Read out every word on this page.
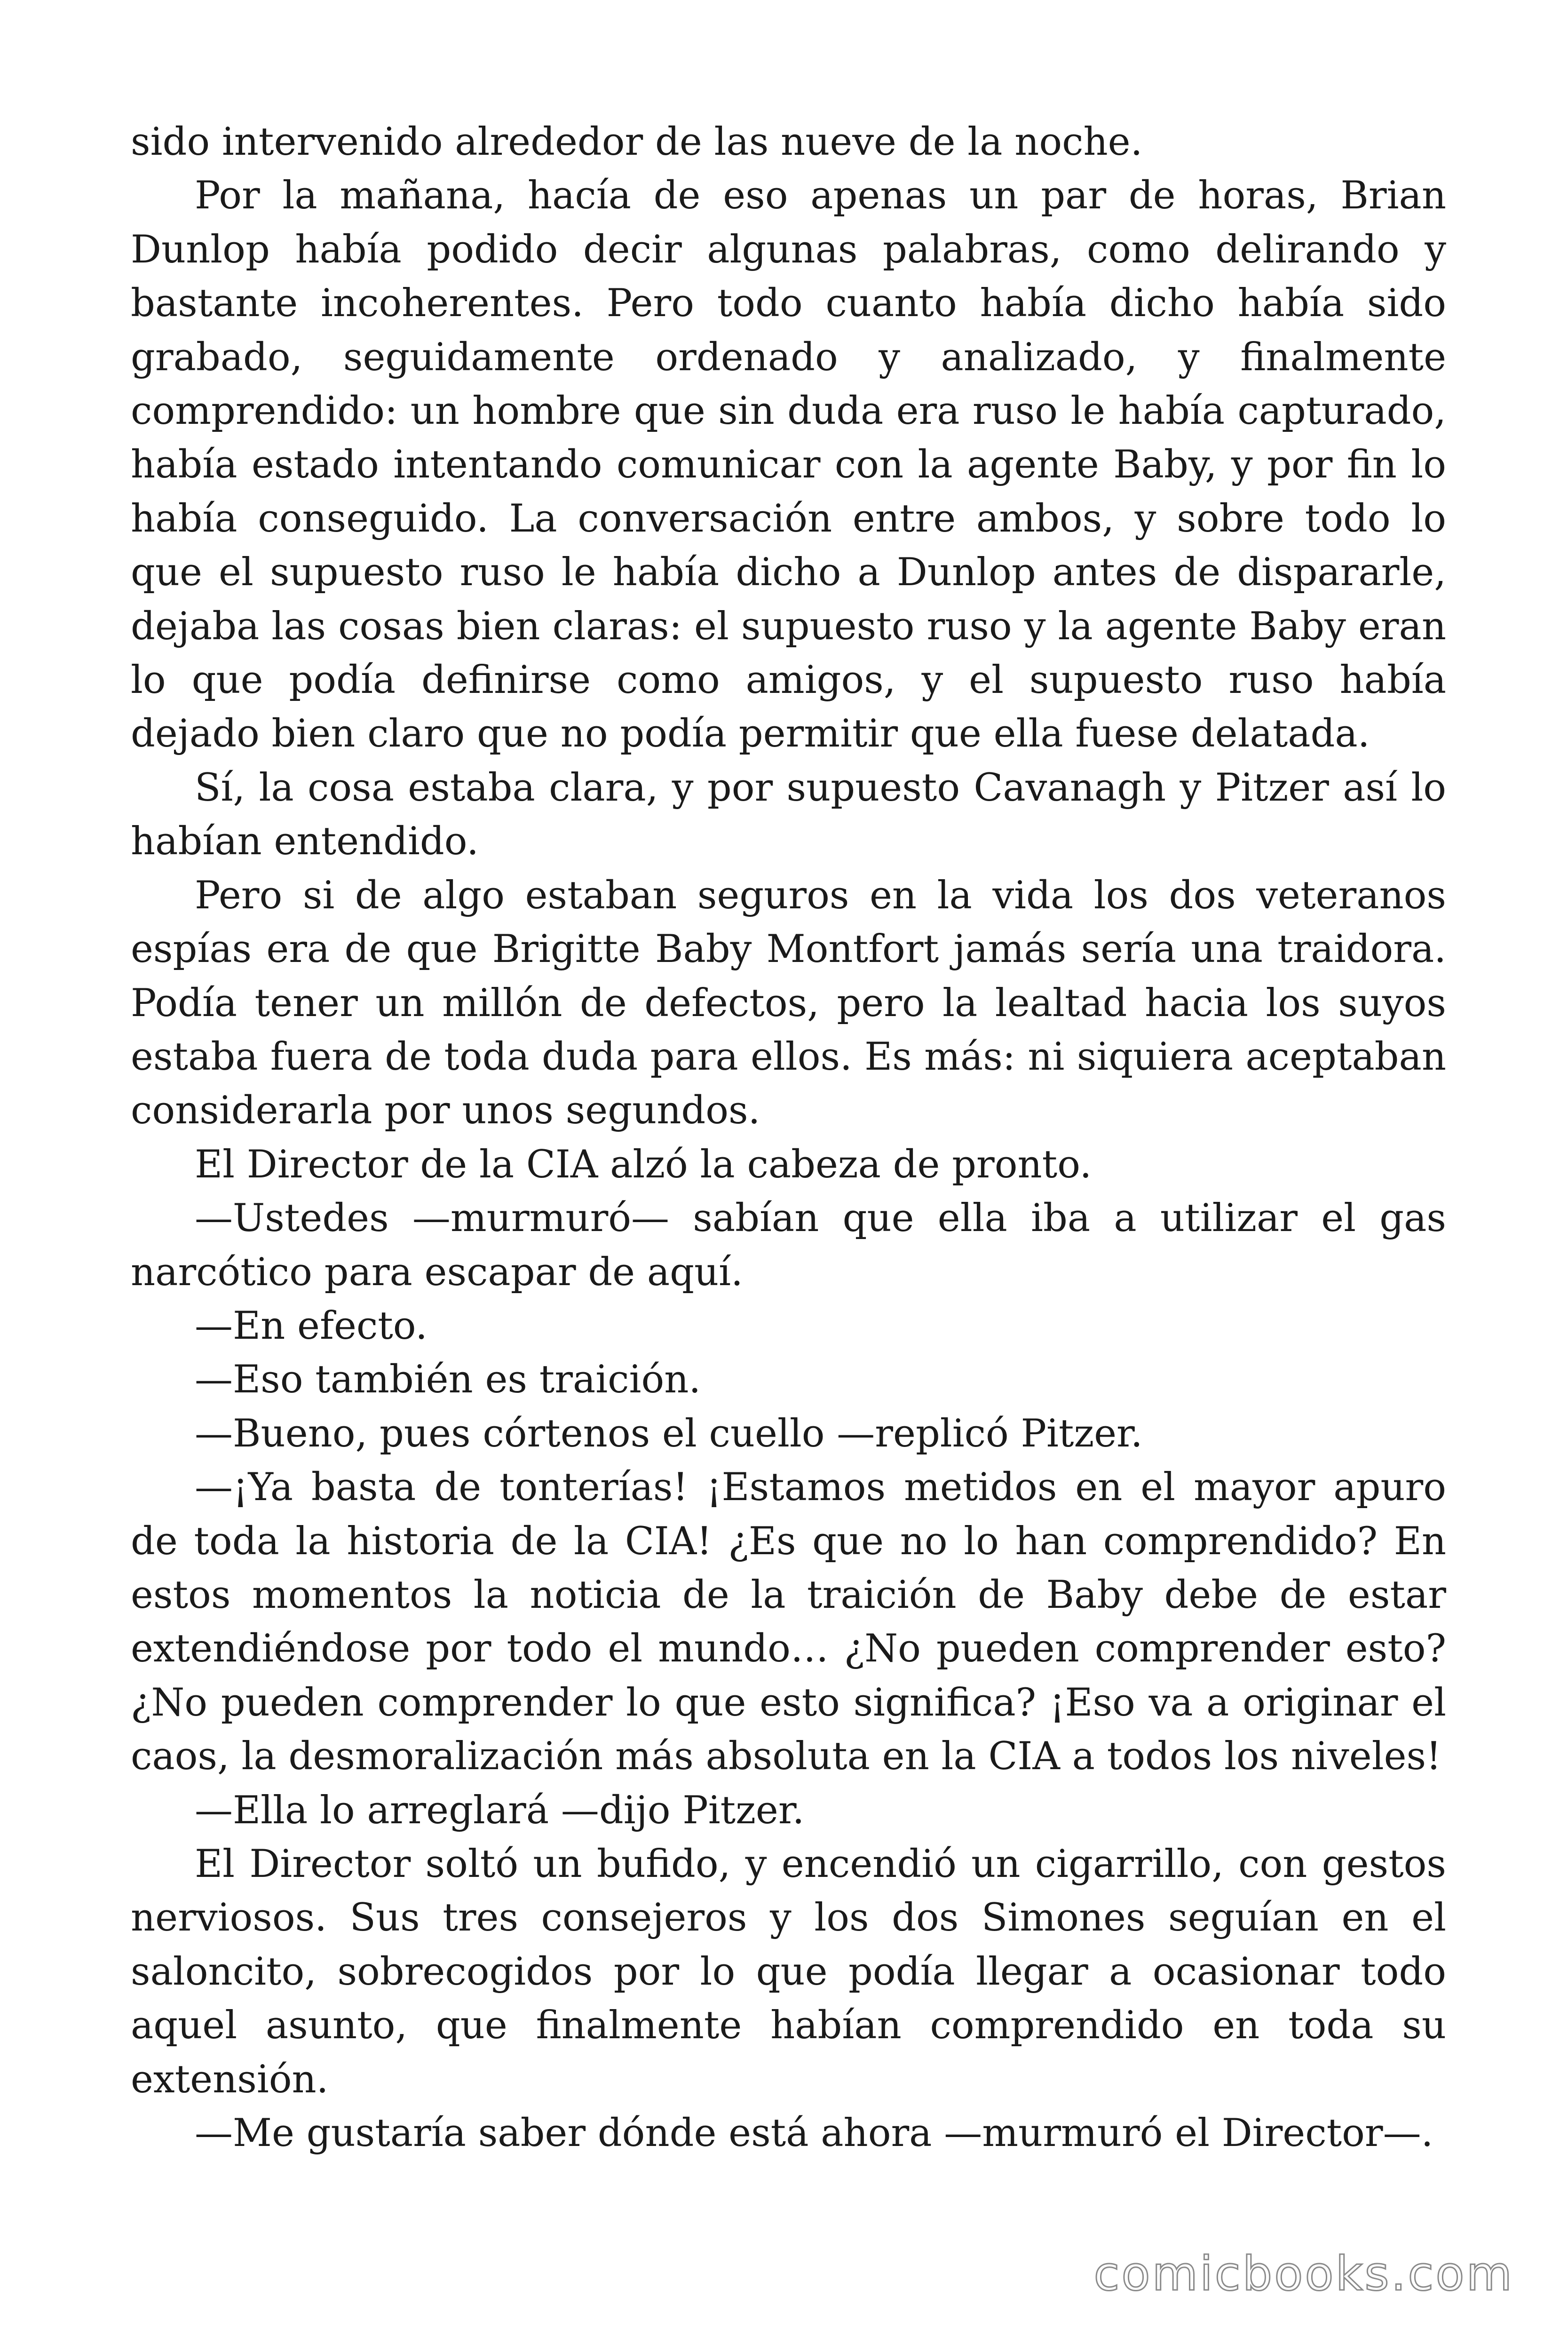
sido intervenido alrededor de las nueve de la noche.

Por la mañana, hacía de eso apenas un par de horas, Brian Dunlop había podido decir algunas palabras, como delirando y bastante incoherentes. Pero todo cuanto había dicho había sido grabado, seguidamente ordenado y analizado, y finalmente comprendido: un hombre que sin duda era ruso le había capturado, había estado intentando comunicar con la agente Baby, y por fin lo había conseguido. La conversación entre ambos, y sobre todo lo que el supuesto ruso le había dicho a Dunlop antes de dispararle, dejaba las cosas bien claras: el supuesto ruso y la agente Baby eran lo que podía definirse como amigos, y el supuesto ruso había dejado bien claro que no podía permitir que ella fuese delatada.

Sí, la cosa estaba clara, y por supuesto Cavanagh y Pitzer así lo habían entendido.

Pero si de algo estaban seguros en la vida los dos veteranos espías era de que Brigitte Baby Montfort jamás sería una traidora. Podía tener un millón de defectos, pero la lealtad hacia los suyos estaba fuera de toda duda para ellos. Es más: ni siquiera aceptaban considerarla por unos segundos.

El Director de la CIA alzó la cabeza de pronto.

—Ustedes —murmuró— sabían que ella iba a utilizar el gas narcótico para escapar de aquí.

—En efecto.

—Eso también es traición.

—Bueno, pues córtenos el cuello —replicó Pitzer.

—¡Ya basta de tonterías! ¡Estamos metidos en el mayor apuro de toda la historia de la CIA! ¿Es que no lo han comprendido? En estos momentos la noticia de la traición de Baby debe de estar extendiéndose por todo el mundo… ¿No pueden comprender esto? ¿No pueden comprender lo que esto significa? ¡Eso va a originar el caos, la desmoralización más absoluta en la CIA a todos los niveles!

—Ella lo arreglará —dijo Pitzer.

El Director soltó un bufido, y encendió un cigarrillo, con gestos nerviosos. Sus tres consejeros y los dos Simones seguían en el saloncito, sobrecogidos por lo que podía llegar a ocasionar todo aquel asunto, que finalmente habían comprendido en toda su extensión.

—Me gustaría saber dónde está ahora —murmuró el Director—.

comicbooks.com
